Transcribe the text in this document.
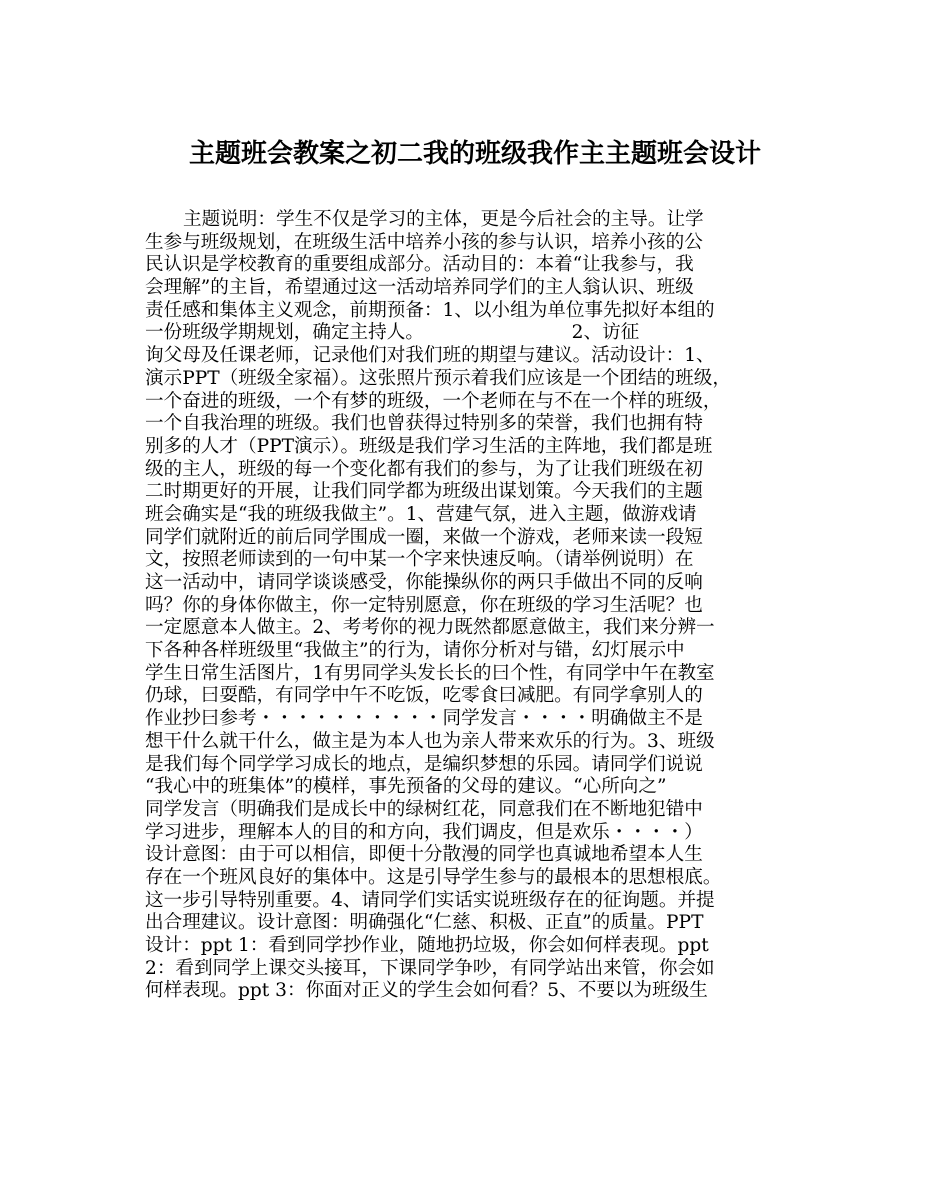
主题班会教案之初二我的班级我作主主题班会设计
主题说明：学生不仅是学习的主体，更是今后社会的主导。让学
生参与班级规划，在班级生活中培养小孩的参与认识，培养小孩的公
民认识是学校教育的重要组成部分。活动目的：本着“让我参与，我
会理解”的主旨，希望通过这一活动培养同学们的主人翁认识、班级
责任感和集体主义观念，前期预备：1、以小组为单位事先拟好本组的
一份班级学期规划，确定主持人。                         2、访征
询父母及任课老师，记录他们对我们班的期望与建议。活动设计：1、
演示PPT（班级全家福）。这张照片预示着我们应该是一个团结的班级，
一个奋进的班级，一个有梦的班级，一个老师在与不在一个样的班级，
一个自我治理的班级。我们也曾获得过特别多的荣誉，我们也拥有特
别多的人才（PPT演示）。班级是我们学习生活的主阵地，我们都是班
级的主人，班级的每一个变化都有我们的参与，为了让我们班级在初
二时期更好的开展，让我们同学都为班级出谋划策。今天我们的主题
班会确实是“我的班级我做主”。1、营建气氛，进入主题，做游戏请
同学们就附近的前后同学围成一圈，来做一个游戏，老师来读一段短
文，按照老师读到的一句中某一个字来快速反响。（请举例说明）在
这一活动中，请同学谈谈感受，你能操纵你的两只手做出不同的反响
吗？你的身体你做主，你一定特别愿意，你在班级的学习生活呢？也
一定愿意本人做主。2、考考你的视力既然都愿意做主，我们来分辨一
下各种各样班级里“我做主”的行为，请你分析对与错，幻灯展示中
学生日常生活图片，1有男同学头发长长的曰个性，有同学中午在教室
仍球，曰耍酷，有同学中午不吃饭，吃零食曰减肥。有同学拿别人的
作业抄曰参考・・・・・・・・・・同学发言・・・・明确做主不是
想干什么就干什么，做主是为本人也为亲人带来欢乐的行为。3、班级
是我们每个同学学习成长的地点，是编织梦想的乐园。请同学们说说
“我心中的班集体”的模样，事先预备的父母的建议。“心所向之”
同学发言（明确我们是成长中的绿树红花，同意我们在不断地犯错中
学习进步，理解本人的目的和方向，我们调皮，但是欢乐・・・・）
设计意图：由于可以相信，即便十分散漫的同学也真诚地希望本人生
存在一个班风良好的集体中。这是引导学生参与的最根本的思想根底。
这一步引导特别重要。4、请同学们实话实说班级存在的征询题。并提
出合理建议。设计意图：明确强化“仁慈、积极、正直”的质量。PPT
设计：ppt 1：看到同学抄作业，随地扔垃圾，你会如何样表现。ppt
2：看到同学上课交头接耳，下课同学争吵，有同学站出来管，你会如
何样表现。ppt 3：你面对正义的学生会如何看？5、不要以为班级生
